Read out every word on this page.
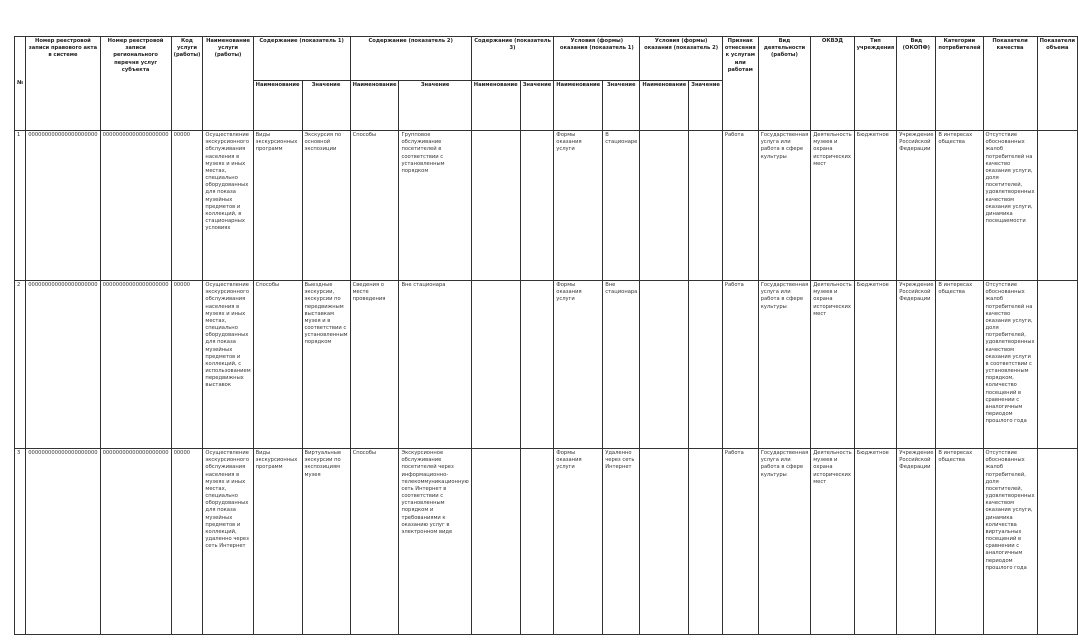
№	Номер реестровой записи правового акта в системе	Номер реестровой записи регионального перечня услуг субъекта	Код услуги (работы)	Наименование услуги (работы)	Содержание (показатель 1)		Содержание (показатель 2)		Содержание (показатель 3)		Условия (формы) оказания (показатель 1)		Условия (формы) оказания (показатель 2)		Признак отнесения к услугам или работам	Вид деятельности (работы)	ОКВЭД	Тип учреждения	Вид (ОКОПФ)	Категории потребителей	Показатели качества	Показатели объема
					Наименование	Значение	Наименование	Значение	Наименование	Значение	Наименование	Значение	Наименование	Значение								
1	000000000000000000000	00000000000000000000	00000	Осуществление экскурсионного обслуживания населения в музеях и иных местах, специально оборудованных для показа музейных предметов и коллекций, в стационарных условиях	Виды экскурсионных программ	Экскурсия по основной экспозиции	Способы	Групповое обслуживание посетителей в соответствии с установленным порядком			Формы оказания услуги	В стационаре			Работа	Государственная услуга или работа в сфере культуры	Деятельность музеев и охрана исторических мест	Бюджетное	Учреждение Российской Федерации	В интересах общества	Отсутствие обоснованных жалоб потребителей на качество оказания услуги, доля посетителей, удовлетворенных качеством оказания услуги, динамика посещаемости	
2	000000000000000000000	00000000000000000000	00000	Осуществление экскурсионного обслуживания населения в музеях и иных местах, специально оборудованных для показа музейных предметов и коллекций, с использованием передвижных выставок	Способы	Выездные экскурсии, экскурсии по передвижным выставкам музея и в соответствии с установленным порядком	Сведения о месте проведения	Вне стационара			Формы оказания услуги	Вне стационара			Работа	Государственная услуга или работа в сфере культуры	Деятельность музеев и охрана исторических мест	Бюджетное	Учреждение Российской Федерации	В интересах общества	Отсутствие обоснованных жалоб потребителей на качество оказания услуги, доля потребителей, удовлетворенных качеством оказания услуги в соответствии с установленным порядком, количество посещений в сравнении с аналогичным периодом прошлого года	
3	000000000000000000000	00000000000000000000	00000	Осуществление экскурсионного обслуживания населения в музеях и иных местах, специально оборудованных для показа музейных предметов и коллекций, удаленно через сеть Интернет	Виды экскурсионных программ	Виртуальные экскурсии по экспозициям музея	Способы	Экскурсионное обслуживание посетителей через информационно-телекоммуникационную сеть Интернет в соответствии с установленным порядком и требованиями к оказанию услуг в электронном виде			Формы оказания услуги	Удаленно через сеть Интернет			Работа	Государственная услуга или работа в сфере культуры	Деятельность музеев и охрана исторических мест	Бюджетное	Учреждение Российской Федерации	В интересах общества	Отсутствие обоснованных жалоб потребителей, доля посетителей, удовлетворенных качеством оказания услуги, динамика количества виртуальных посещений в сравнении с аналогичным периодом прошлого года	
